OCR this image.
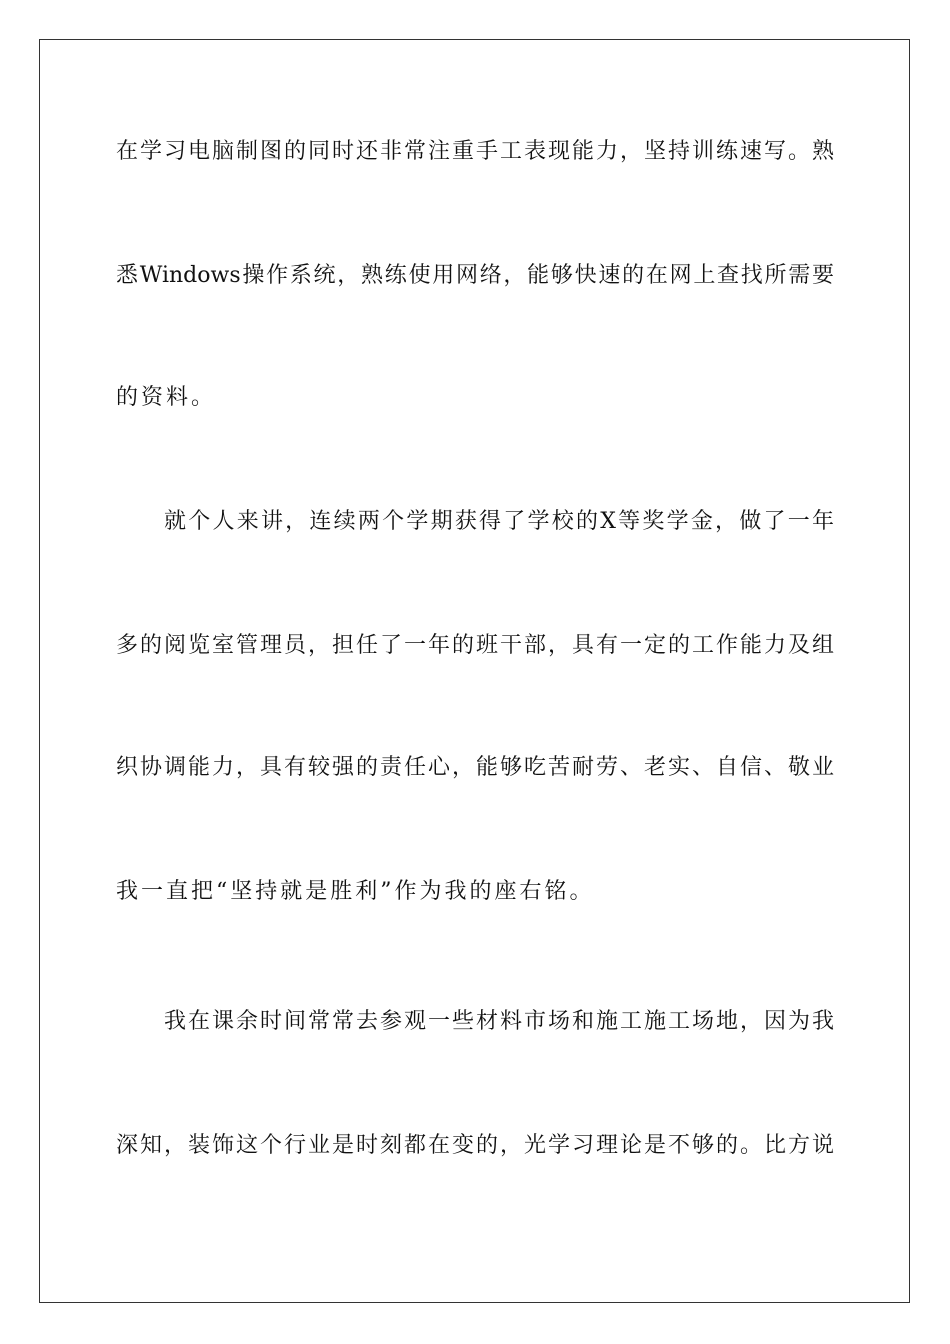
在学习电脑制图的同时还非常注重手工表现能力，坚持训练速写。熟
悉Windows操作系统，熟练使用网络，能够快速的在网上查找所需要
的资料。
就个人来讲，连续两个学期获得了学校的X等奖学金，做了一年
多的阅览室管理员，担任了一年的班干部，具有一定的工作能力及组
织协调能力，具有较强的责任心，能够吃苦耐劳、老实、自信、敬业
我一直把“坚持就是胜利”作为我的座右铭。
我在课余时间常常去参观一些材料市场和施工施工场地，因为我
深知，装饰这个行业是时刻都在变的，光学习理论是不够的。比方说
